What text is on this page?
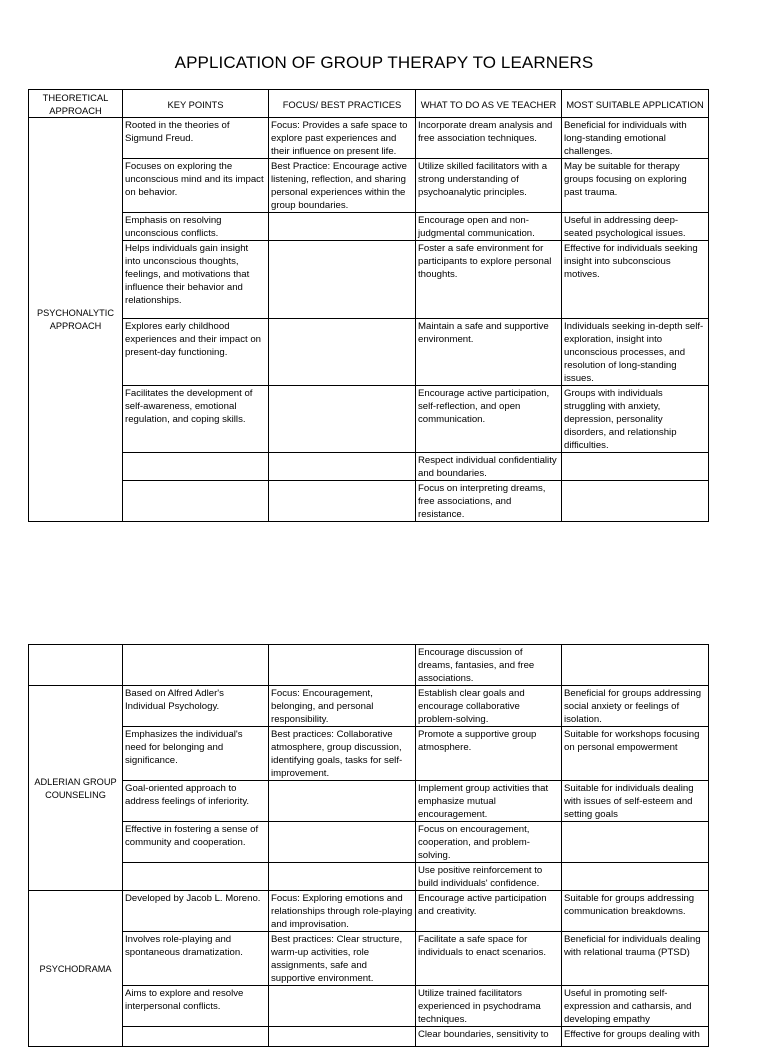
APPLICATION OF GROUP THERAPY TO LEARNERS
THEORETICAL APPROACH	KEY POINTS	FOCUS/ BEST PRACTICES	WHAT TO DO AS VE TEACHER	MOST SUITABLE APPLICATION
PSYCHONALYTIC APPROACH	Rooted in the theories of Sigmund Freud.	Focus: Provides a safe space to explore past experiences and their influence on present life.	Incorporate dream analysis and free association techniques.	Beneficial for individuals with long-standing emotional challenges.
	Focuses on exploring the unconscious mind and its impact on behavior.	Best Practice: Encourage active listening, reflection, and sharing personal experiences within the group boundaries.	Utilize skilled facilitators with a strong understanding of psychoanalytic principles.	May be suitable for therapy groups focusing on exploring past trauma.
	Emphasis on resolving unconscious conflicts.		Encourage open and non-judgmental communication.	Useful in addressing deep-seated psychological issues.
	Helps individuals gain insight into unconscious thoughts, feelings, and motivations that influence their behavior and relationships.		Foster a safe environment for participants to explore personal thoughts.	Effective for individuals seeking insight into subconscious motives.
	Explores early childhood experiences and their impact on present-day functioning.		Maintain a safe and supportive environment.	Individuals seeking in-depth self-exploration, insight into unconscious processes, and resolution of long-standing issues.
	Facilitates the development of self-awareness, emotional regulation, and coping skills.		Encourage active participation, self-reflection, and open communication.	Groups with individuals struggling with anxiety, depression, personality disorders, and relationship difficulties.
			Respect individual confidentiality and boundaries.	
			Focus on interpreting dreams, free associations, and resistance.	
			Encourage discussion of dreams, fantasies, and free associations.	
ADLERIAN GROUP COUNSELING	Based on Alfred Adler's Individual Psychology.	Focus: Encouragement, belonging, and personal responsibility.	Establish clear goals and encourage collaborative problem-solving.	Beneficial for groups addressing social anxiety or feelings of isolation.
	Emphasizes the individual's need for belonging and significance.	Best practices: Collaborative atmosphere, group discussion, identifying goals, tasks for self-improvement.	Promote a supportive group atmosphere.	Suitable for workshops focusing on personal empowerment
	Goal-oriented approach to address feelings of inferiority.		Implement group activities that emphasize mutual encouragement.	Suitable for individuals dealing with issues of self-esteem and setting goals
	Effective in fostering a sense of community and cooperation.		Focus on encouragement, cooperation, and problem-solving.	
			Use positive reinforcement to build individuals' confidence.	
PSYCHODRAMA	Developed by Jacob L. Moreno.	Focus: Exploring emotions and relationships through role-playing and improvisation.	Encourage active participation and creativity.	Suitable for groups addressing communication breakdowns.
	Involves role-playing and spontaneous dramatization.	Best practices: Clear structure, warm-up activities, role assignments, safe and supportive environment.	Facilitate a safe space for individuals to enact scenarios.	Beneficial for individuals dealing with relational trauma (PTSD)
	Aims to explore and resolve interpersonal conflicts.		Utilize trained facilitators experienced in psychodrama techniques.	Useful in promoting self-expression and catharsis, and developing empathy
			Clear boundaries, sensitivity to	Effective for groups dealing with
